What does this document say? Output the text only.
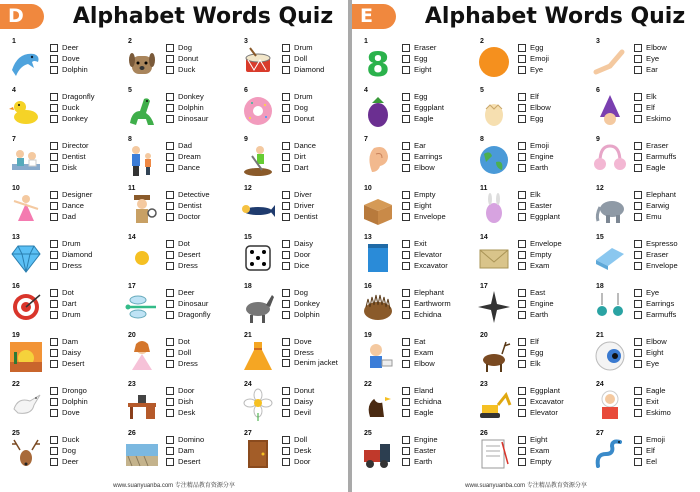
D	Alphabet Words Quiz
1
Deer
Dove
Dolphin
2
Dog
Donut
Duck
3
Drum
Doll
Diamond
4
Dragonfly
Duck
Donkey
5
Donkey
Dolphin
Dinosaur
6
Drum
Dog
Donut
7
Director
Dentist
Disk
8
Dad
Dream
Dance
9
Dance
Dirt
Dart
10
Designer
Dance
Dad
11
Detective
Dentist
Doctor
12
Diver
Driver
Dentist
13
Drum
Diamond
Dress
14
Dot
Desert
Dress
15
Daisy
Door
Dice
16
Dot
Dart
Drum
17
Deer
Dinosaur
Dragonfly
18
Dog
Donkey
Dolphin
19
Dam
Daisy
Desert
20
Dot
Doll
Dress
21
Dove
Dress
Denim jacket
22
Drongo
Dolphin
Dove
23
Door
Dish
Desk
24
Donut
Daisy
Devil
25
Duck
Dog
Deer
26
Domino
Dam
Desert
27
Doll
Desk
Door
www.suanyuanba.com 专注精品教育资源分享
E	Alphabet Words Quiz
1
8	Eraser
Egg
Eight
2
Egg
Emoji
Eye
3
Elbow
Eye
Ear
4
Egg
Eggplant
Eagle
5
Elf
Elbow
Egg
6
Elk
Elf
Eskimo
7
Ear
Earrings
Elbow
8
Emoji
Engine
Earth
9
Eraser
Earmuffs
Eagle
10
Empty
Eight
Envelope
11
Elk
Easter
Eggplant
12
Elephant
Earwig
Emu
13
Exit
Elevator
Excavator
14
Envelope
Empty
Exam
15
Espresso
Eraser
Envelope
16
Elephant
Earthworm
Echidna
17
East
Engine
Earth
18
Eye
Earrings
Earmuffs
19
Eat
Exam
Elbow
20
Elf
Egg
Elk
21
Elbow
Eight
Eye
22
Eland
Echidna
Eagle
23
Eggplant
Excavator
Elevator
24
Eagle
Exit
Eskimo
25
Engine
Easter
Earth
26
Eight
Exam
Empty
27
Emoji
Elf
Eel
www.suanyuanba.com 专注精品教育资源分享
